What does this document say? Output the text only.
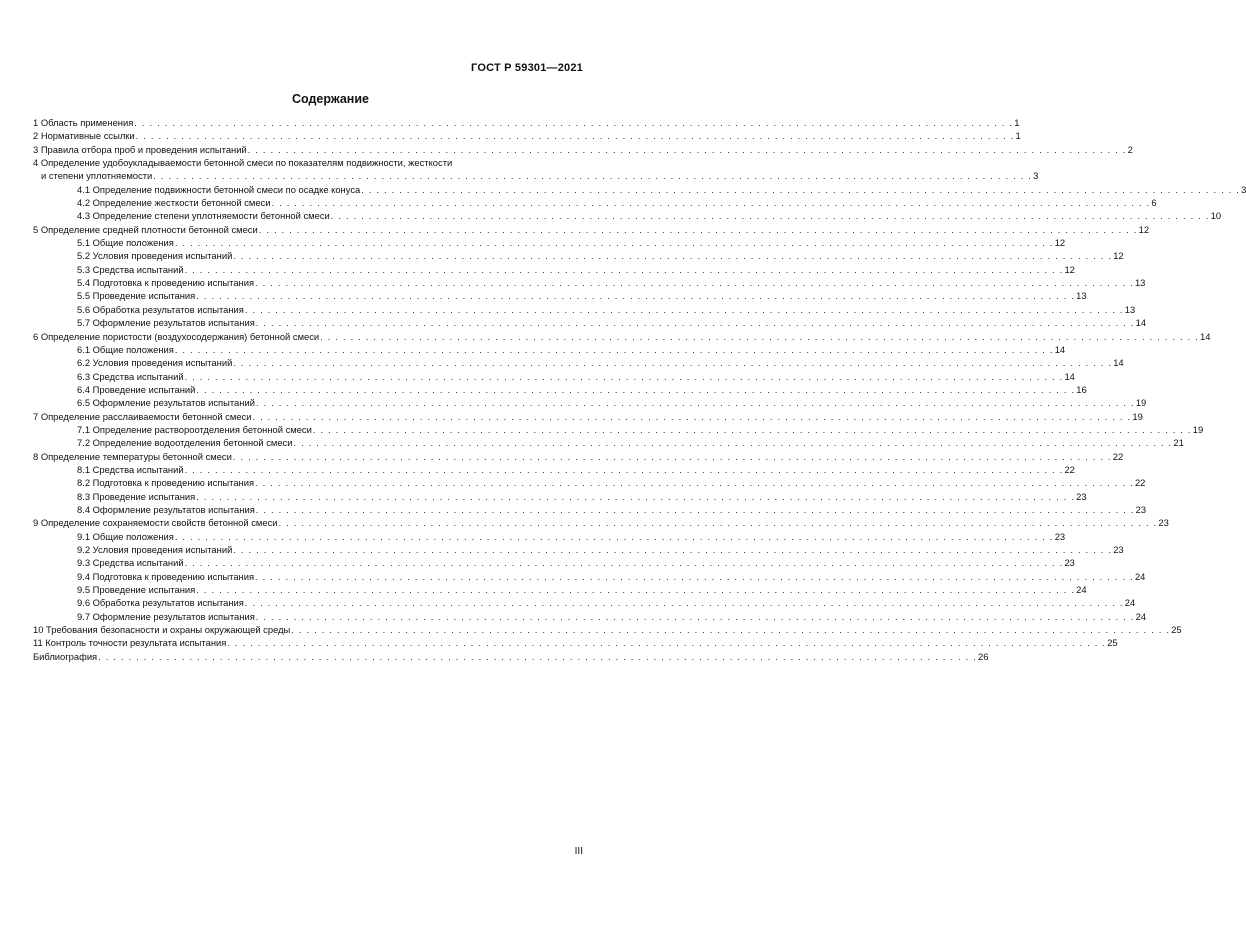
ГОСТ Р 59301—2021
Содержание
1 Область применения . . . . . . . . . . . . . . . . . . . . . . . . . . . . . . . . . . . . . . . . . . . . . . . . . . . . . . . . . . . . . . . . . . . . . . . . . . . . . . . . . . . . . . . . . . . . . . . . . . . . . . . . . . . . . . . . . . . . 1
2 Нормативные ссылки . . . . . . . . . . . . . . . . . . . . . . . . . . . . . . . . . . . . . . . . . . . . . . . . . . . . . . . . . . . . . . . . . . . . . . . . . . . . . . . . . . . . . . . . . . . . . . . . . . . . . . . . . . . . . . . . . . . . 1
3 Правила отбора проб и проведения испытаний . . . . . . . . . . . . . . . . . . . . . . . . . . . . . . . . . . . . . . . . . . . . . . . . . . . . . . . . . . . . . . . . . . . . . . . . . . . . . . . . . . . . . . . . . . . . . . . . . . . . . . . . . . . . . . . . . . . . 2
4 Определение удобоукладываемости бетонной смеси по показателям подвижности, жесткости
и степени уплотняемости . . . . . . . . . . . . . . . . . . . . . . . . . . . . . . . . . . . . . . . . . . . . . . . . . . . . . . . . . . . . . . . . . . . . . . . . . . . . . . . . . . . . . . . . . . . . . . . . . . . . . . . . . . . . . . . . . . . . 3
4.1 Определение подвижности бетонной смеси по осадке конуса . . . . . . . . . . . . . . . . . . . . . . . . . . . . . . . . . . . . . . . . . . . . . . . . . . . . . . . . . . . . . . . . . . . . . . . . . . . . . . . . . . . . . . . . . . . . . . . . . . . . . . . . . . . . . . . . . . . . 3
4.2 Определение жесткости бетонной смеси . . . . . . . . . . . . . . . . . . . . . . . . . . . . . . . . . . . . . . . . . . . . . . . . . . . . . . . . . . . . . . . . . . . . . . . . . . . . . . . . . . . . . . . . . . . . . . . . . . . . . . . . . . . . . . . . . . . . 6
4.3 Определение степени уплотняемости бетонной смеси . . . . . . . . . . . . . . . . . . . . . . . . . . . . . . . . . . . . . . . . . . . . . . . . . . . . . . . . . . . . . . . . . . . . . . . . . . . . . . . . . . . . . . . . . . . . . . . . . . . . . . . . . . . . . . . . . . . . 10
5 Определение средней плотности бетонной смеси . . . . . . . . . . . . . . . . . . . . . . . . . . . . . . . . . . . . . . . . . . . . . . . . . . . . . . . . . . . . . . . . . . . . . . . . . . . . . . . . . . . . . . . . . . . . . . . . . . . . . . . . . . . . . . . . . . . . 12
5.1 Общие положения . . . . . . . . . . . . . . . . . . . . . . . . . . . . . . . . . . . . . . . . . . . . . . . . . . . . . . . . . . . . . . . . . . . . . . . . . . . . . . . . . . . . . . . . . . . . . . . . . . . . . . . . . . . . . . . . . . . . 12
5.2 Условия проведения испытаний . . . . . . . . . . . . . . . . . . . . . . . . . . . . . . . . . . . . . . . . . . . . . . . . . . . . . . . . . . . . . . . . . . . . . . . . . . . . . . . . . . . . . . . . . . . . . . . . . . . . . . . . . . . . . . . . . . . . 12
5.3 Средства испытаний . . . . . . . . . . . . . . . . . . . . . . . . . . . . . . . . . . . . . . . . . . . . . . . . . . . . . . . . . . . . . . . . . . . . . . . . . . . . . . . . . . . . . . . . . . . . . . . . . . . . . . . . . . . . . . . . . . . . 12
5.4 Подготовка к проведению испытания . . . . . . . . . . . . . . . . . . . . . . . . . . . . . . . . . . . . . . . . . . . . . . . . . . . . . . . . . . . . . . . . . . . . . . . . . . . . . . . . . . . . . . . . . . . . . . . . . . . . . . . . . . . . . . . . . . . . 13
5.5 Проведение испытания . . . . . . . . . . . . . . . . . . . . . . . . . . . . . . . . . . . . . . . . . . . . . . . . . . . . . . . . . . . . . . . . . . . . . . . . . . . . . . . . . . . . . . . . . . . . . . . . . . . . . . . . . . . . . . . . . . . . 13
5.6 Обработка результатов испытания . . . . . . . . . . . . . . . . . . . . . . . . . . . . . . . . . . . . . . . . . . . . . . . . . . . . . . . . . . . . . . . . . . . . . . . . . . . . . . . . . . . . . . . . . . . . . . . . . . . . . . . . . . . . . . . . . . . . 13
5.7 Оформление результатов испытания . . . . . . . . . . . . . . . . . . . . . . . . . . . . . . . . . . . . . . . . . . . . . . . . . . . . . . . . . . . . . . . . . . . . . . . . . . . . . . . . . . . . . . . . . . . . . . . . . . . . . . . . . . . . . . . . . . . . 14
6 Определение пористости (воздухосодержания) бетонной смеси . . . . . . . . . . . . . . . . . . . . . . . . . . . . . . . . . . . . . . . . . . . . . . . . . . . . . . . . . . . . . . . . . . . . . . . . . . . . . . . . . . . . . . . . . . . . . . . . . . . . . . . . . . . . . . . . . . . . 14
6.1 Общие положения . . . . . . . . . . . . . . . . . . . . . . . . . . . . . . . . . . . . . . . . . . . . . . . . . . . . . . . . . . . . . . . . . . . . . . . . . . . . . . . . . . . . . . . . . . . . . . . . . . . . . . . . . . . . . . . . . . . . 14
6.2 Условия проведения испытаний . . . . . . . . . . . . . . . . . . . . . . . . . . . . . . . . . . . . . . . . . . . . . . . . . . . . . . . . . . . . . . . . . . . . . . . . . . . . . . . . . . . . . . . . . . . . . . . . . . . . . . . . . . . . . . . . . . . . 14
6.3 Средства испытаний . . . . . . . . . . . . . . . . . . . . . . . . . . . . . . . . . . . . . . . . . . . . . . . . . . . . . . . . . . . . . . . . . . . . . . . . . . . . . . . . . . . . . . . . . . . . . . . . . . . . . . . . . . . . . . . . . . . . 14
6.4 Проведение испытаний . . . . . . . . . . . . . . . . . . . . . . . . . . . . . . . . . . . . . . . . . . . . . . . . . . . . . . . . . . . . . . . . . . . . . . . . . . . . . . . . . . . . . . . . . . . . . . . . . . . . . . . . . . . . . . . . . . . . 16
6.5 Оформление результатов испытаний . . . . . . . . . . . . . . . . . . . . . . . . . . . . . . . . . . . . . . . . . . . . . . . . . . . . . . . . . . . . . . . . . . . . . . . . . . . . . . . . . . . . . . . . . . . . . . . . . . . . . . . . . . . . . . . . . . . . 19
7 Определение расслаиваемости бетонной смеси . . . . . . . . . . . . . . . . . . . . . . . . . . . . . . . . . . . . . . . . . . . . . . . . . . . . . . . . . . . . . . . . . . . . . . . . . . . . . . . . . . . . . . . . . . . . . . . . . . . . . . . . . . . . . . . . . . . . 19
7.1 Определение раствороотделения бетонной смеси . . . . . . . . . . . . . . . . . . . . . . . . . . . . . . . . . . . . . . . . . . . . . . . . . . . . . . . . . . . . . . . . . . . . . . . . . . . . . . . . . . . . . . . . . . . . . . . . . . . . . . . . . . . . . . . . . . . . 19
7.2 Определение водоотделения бетонной смеси . . . . . . . . . . . . . . . . . . . . . . . . . . . . . . . . . . . . . . . . . . . . . . . . . . . . . . . . . . . . . . . . . . . . . . . . . . . . . . . . . . . . . . . . . . . . . . . . . . . . . . . . . . . . . . . . . . . . 21
8 Определение температуры бетонной смеси . . . . . . . . . . . . . . . . . . . . . . . . . . . . . . . . . . . . . . . . . . . . . . . . . . . . . . . . . . . . . . . . . . . . . . . . . . . . . . . . . . . . . . . . . . . . . . . . . . . . . . . . . . . . . . . . . . . . 22
8.1 Средства испытаний . . . . . . . . . . . . . . . . . . . . . . . . . . . . . . . . . . . . . . . . . . . . . . . . . . . . . . . . . . . . . . . . . . . . . . . . . . . . . . . . . . . . . . . . . . . . . . . . . . . . . . . . . . . . . . . . . . . . 22
8.2 Подготовка к проведению испытания . . . . . . . . . . . . . . . . . . . . . . . . . . . . . . . . . . . . . . . . . . . . . . . . . . . . . . . . . . . . . . . . . . . . . . . . . . . . . . . . . . . . . . . . . . . . . . . . . . . . . . . . . . . . . . . . . . . . 22
8.3 Проведение испытания . . . . . . . . . . . . . . . . . . . . . . . . . . . . . . . . . . . . . . . . . . . . . . . . . . . . . . . . . . . . . . . . . . . . . . . . . . . . . . . . . . . . . . . . . . . . . . . . . . . . . . . . . . . . . . . . . . . . 23
8.4 Оформление результатов испытания . . . . . . . . . . . . . . . . . . . . . . . . . . . . . . . . . . . . . . . . . . . . . . . . . . . . . . . . . . . . . . . . . . . . . . . . . . . . . . . . . . . . . . . . . . . . . . . . . . . . . . . . . . . . . . . . . . . . 23
9 Определение сохраняемости свойств бетонной смеси . . . . . . . . . . . . . . . . . . . . . . . . . . . . . . . . . . . . . . . . . . . . . . . . . . . . . . . . . . . . . . . . . . . . . . . . . . . . . . . . . . . . . . . . . . . . . . . . . . . . . . . . . . . . . . . . . . . . 23
9.1 Общие положения . . . . . . . . . . . . . . . . . . . . . . . . . . . . . . . . . . . . . . . . . . . . . . . . . . . . . . . . . . . . . . . . . . . . . . . . . . . . . . . . . . . . . . . . . . . . . . . . . . . . . . . . . . . . . . . . . . . . 23
9.2 Условия проведения испытаний . . . . . . . . . . . . . . . . . . . . . . . . . . . . . . . . . . . . . . . . . . . . . . . . . . . . . . . . . . . . . . . . . . . . . . . . . . . . . . . . . . . . . . . . . . . . . . . . . . . . . . . . . . . . . . . . . . . . 23
9.3 Средства испытаний . . . . . . . . . . . . . . . . . . . . . . . . . . . . . . . . . . . . . . . . . . . . . . . . . . . . . . . . . . . . . . . . . . . . . . . . . . . . . . . . . . . . . . . . . . . . . . . . . . . . . . . . . . . . . . . . . . . . 23
9.4 Подготовка к проведению испытания . . . . . . . . . . . . . . . . . . . . . . . . . . . . . . . . . . . . . . . . . . . . . . . . . . . . . . . . . . . . . . . . . . . . . . . . . . . . . . . . . . . . . . . . . . . . . . . . . . . . . . . . . . . . . . . . . . . . 24
9.5 Проведение испытания . . . . . . . . . . . . . . . . . . . . . . . . . . . . . . . . . . . . . . . . . . . . . . . . . . . . . . . . . . . . . . . . . . . . . . . . . . . . . . . . . . . . . . . . . . . . . . . . . . . . . . . . . . . . . . . . . . . . 24
9.6 Обработка результатов испытания . . . . . . . . . . . . . . . . . . . . . . . . . . . . . . . . . . . . . . . . . . . . . . . . . . . . . . . . . . . . . . . . . . . . . . . . . . . . . . . . . . . . . . . . . . . . . . . . . . . . . . . . . . . . . . . . . . . . 24
9.7 Оформление результатов испытания . . . . . . . . . . . . . . . . . . . . . . . . . . . . . . . . . . . . . . . . . . . . . . . . . . . . . . . . . . . . . . . . . . . . . . . . . . . . . . . . . . . . . . . . . . . . . . . . . . . . . . . . . . . . . . . . . . . . 24
10 Требования безопасности и охраны окружающей среды . . . . . . . . . . . . . . . . . . . . . . . . . . . . . . . . . . . . . . . . . . . . . . . . . . . . . . . . . . . . . . . . . . . . . . . . . . . . . . . . . . . . . . . . . . . . . . . . . . . . . . . . . . . . . . . . . . . . 25
11 Контроль точности результата испытания . . . . . . . . . . . . . . . . . . . . . . . . . . . . . . . . . . . . . . . . . . . . . . . . . . . . . . . . . . . . . . . . . . . . . . . . . . . . . . . . . . . . . . . . . . . . . . . . . . . . . . . . . . . . . . . . . . . . 25
Библиография . . . . . . . . . . . . . . . . . . . . . . . . . . . . . . . . . . . . . . . . . . . . . . . . . . . . . . . . . . . . . . . . . . . . . . . . . . . . . . . . . . . . . . . . . . . . . . . . . . . . . . . . . . . . . . . . . . . . 26
III
